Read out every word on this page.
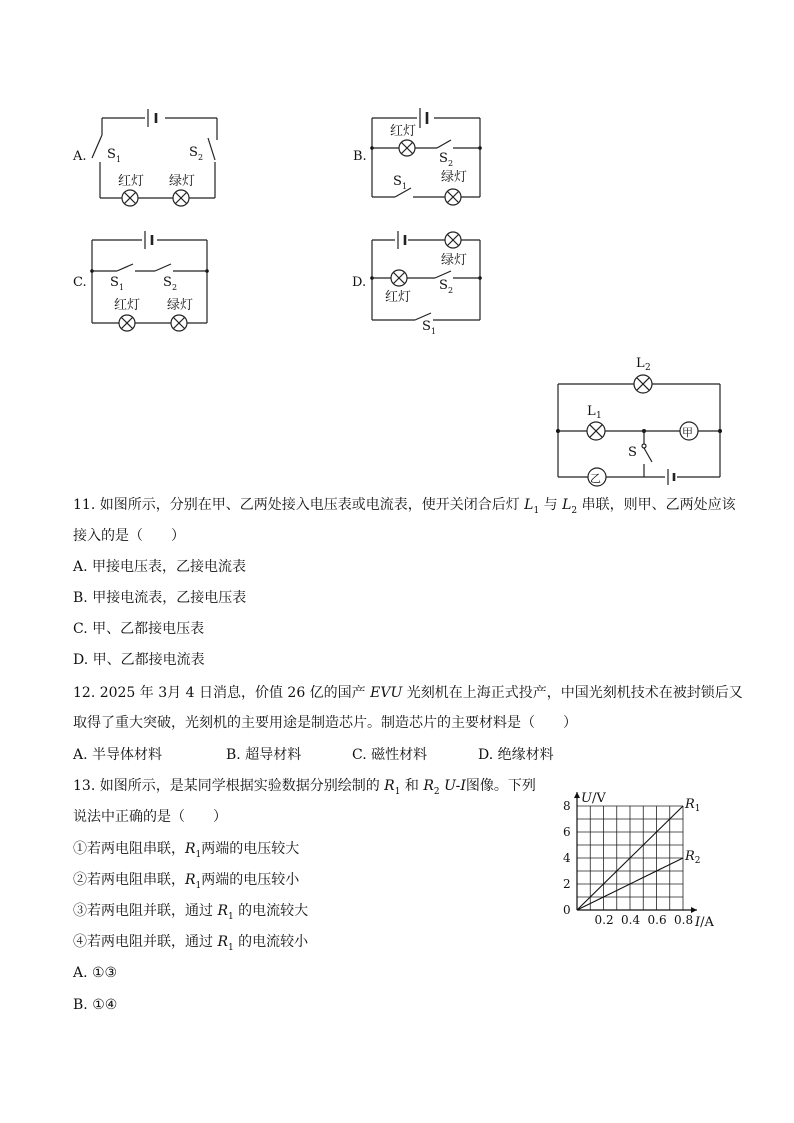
A. S 1	S 2
红灯 绿灯
B.
红灯
S 2
S 1
绿灯
C. S 1	S 2
红灯 绿灯
D.
绿灯
红灯
S 2
S 1
甲
乙
L 2
L 1
S
11. 如图所示，分别在甲、乙两处接入电压表或电流表，使开关闭合后灯 $L_1$ 与 $L_2$ 串联，则甲、乙两处应该
接入的是（　　）
A. 甲接电压表，乙接电流表
B. 甲接电流表，乙接电压表
C. 甲、乙都接电压表
D. 甲、乙都接电流表
12. 2025 年 3月 4 日消息，价值 26 亿的国产 EVU 光刻机在上海正式投产，中国光刻机技术在被封锁后又
取得了重大突破，光刻机的主要用途是制造芯片。制造芯片的主要材料是（　　）
A. 半导体材料	B. 超导材料	C. 磁性材料	D. 绝缘材料
13. 如图所示，是某同学根据实验数据分别绘制的 $R_1$ 和 $R_2$ U-I图像。下列
说法中正确的是（　　）
①若两电阻串联，$R_1$两端的电压较大
②若两电阻串联，$R_1$两端的电压较小
③若两电阻并联，通过 $R_1$ 的电流较大
④若两电阻并联，通过 $R_1$ 的电流较小
A. ①③
B. ①④
0
2
4
6
8
0.2 0.4 0.6 0.8
U/V
I/A
$R_1$
$R_2$
